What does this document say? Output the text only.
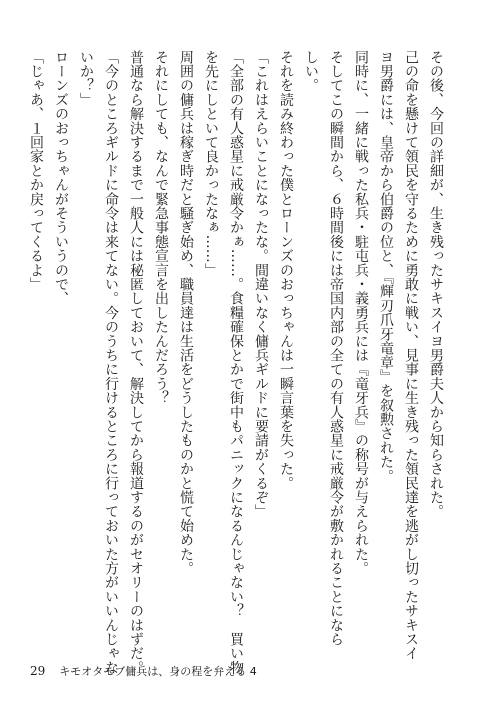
その後、今回の詳細が、生き残ったサキスイヨ男爵夫人から知らされた。

己の命を懸けて領民を守るために勇敢に戦い、見事に生き残った領民達を逃がし切ったサキスイ

ヨ男爵には、皇帝から伯爵の位と、『輝刃爪牙竜章』を叙勲された。

同時に、一緒に戦った私兵・駐屯兵・義勇兵には『竜牙兵』の称号が与えられた。

そしてこの瞬間から、６時間後には帝国内部の全ての有人惑星に戒厳令が敷かれることになら

しい。

それを読み終わった僕とローンズのおっちゃんは一瞬言葉を失った。

「これはえらいことになったな。間違いなく傭兵ギルドに要請がくるぞ」

「全部の有人惑星に戒厳令かぁ……。食糧確保とかで街中もパニックになるんじゃない？　買い物

を先にしといて良かったなぁ……」

周囲の傭兵は稼ぎ時だと騒ぎ始め、職員達は生活をどうしたものかと慌て始めた。

それにしても、なんで緊急事態宣言を出したんだろう？

普通なら解決するまで一般人には秘匿しておいて、解決してから報道するのがセオリーのはずだ。

「今のところギルドに命令は来てない。今のうちに行けるところに行っておいた方がいいんじゃな

いか？」

ローンズのおっちゃんがそういうので、

「じゃあ、１回家とか戻ってくるよ」

29 キモオタモブ傭兵は、身の程を弁える 4
